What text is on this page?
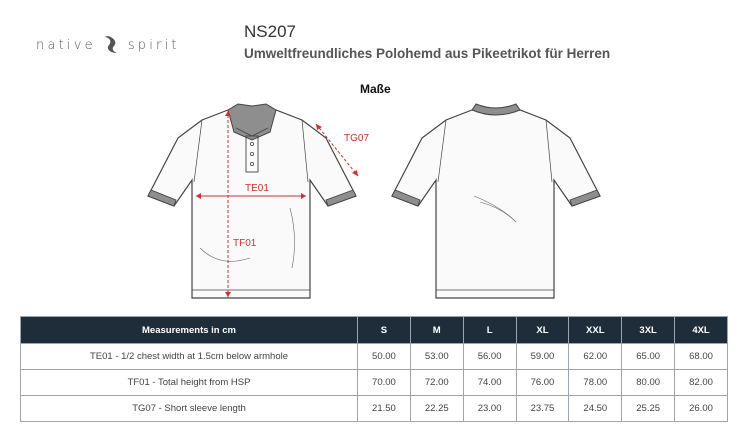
native spirit
NS207
Umweltfreundliches Polohemd aus Pikeetrikot für Herren
Maße
TE01
TF01
TG07
Measurements in cm	S	M	L	XL	XXL	3XL	4XL
TE01 - 1/2 chest width at 1.5cm below armhole	50.00	53.00	56.00	59.00	62.00	65.00	68.00
TF01 - Total height from HSP	70.00	72.00	74.00	76.00	78.00	80.00	82.00
TG07 - Short sleeve length	21.50	22.25	23.00	23.75	24.50	25.25	26.00
